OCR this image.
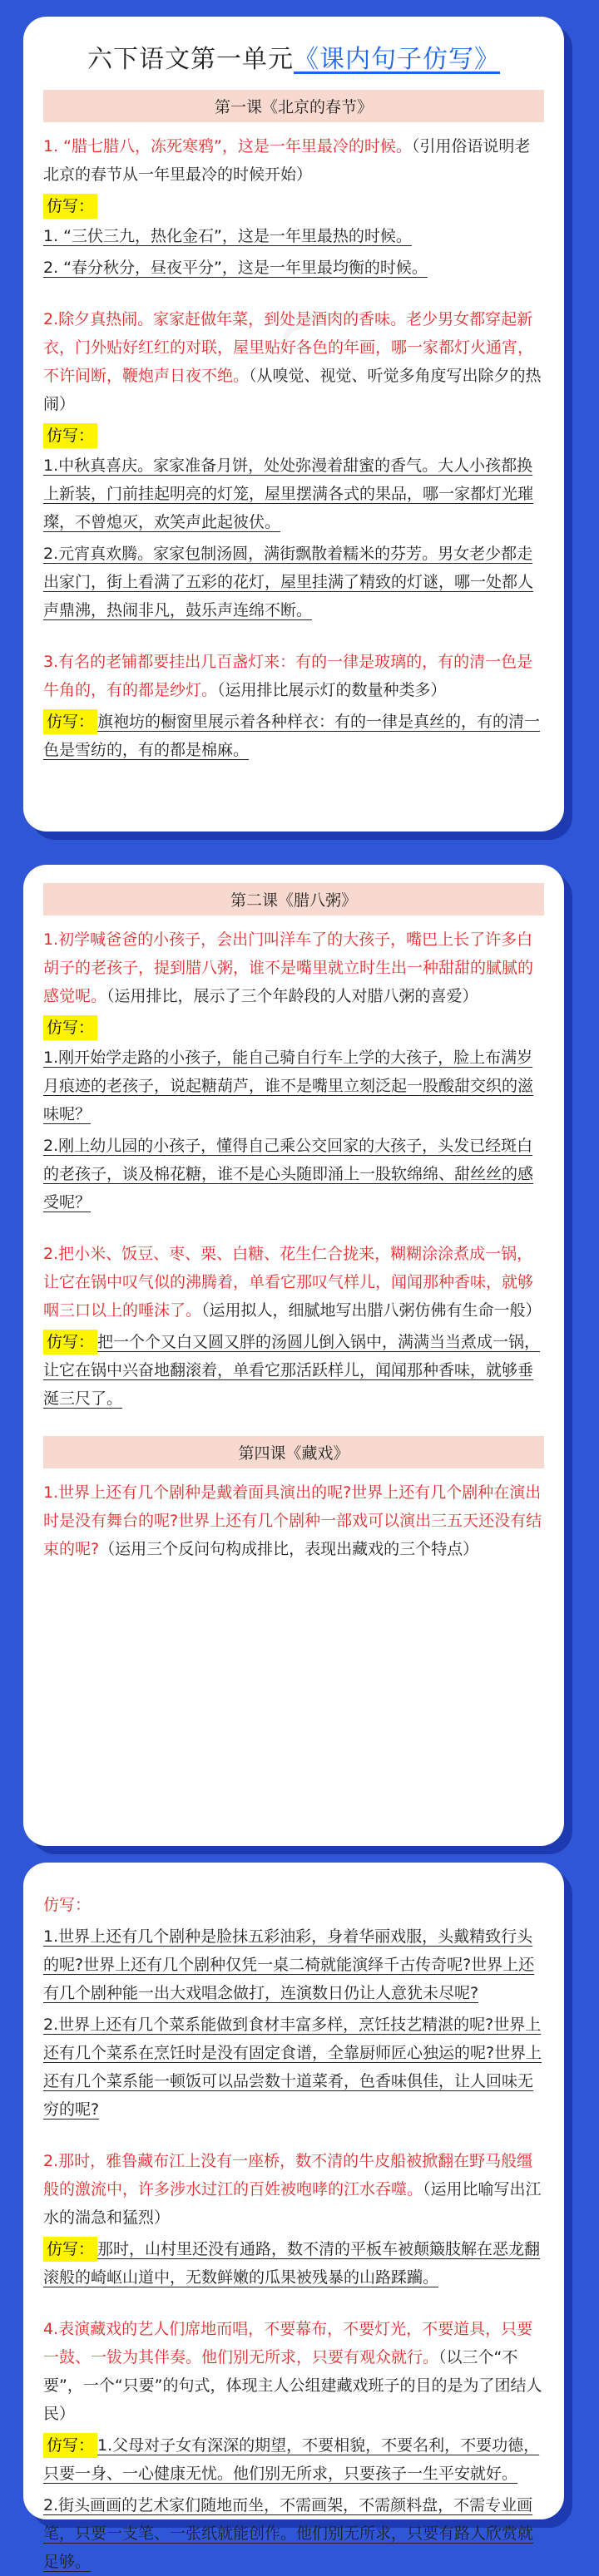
六下语文第一单元《课内句子仿写》
第一课《北京的春节》
1. “腊七腊八，冻死寒鸦”，这是一年里最冷的时候。（引用俗语说明老北京的春节从一年里最冷的时候开始）
仿写：
1. “三伏三九，热化金石”，这是一年里最热的时候。
2. “春分秋分，昼夜平分”，这是一年里最均衡的时候。
2.除夕真热闹。家家赶做年菜，到处是酒肉的香味。老少男女都穿起新衣，门外贴好红红的对联，屋里贴好各色的年画，哪一家都灯火通宵，不许间断，鞭炮声日夜不绝。（从嗅觉、视觉、听觉多角度写出除夕的热闹）
仿写：
1.中秋真喜庆。家家准备月饼，处处弥漫着甜蜜的香气。大人小孩都换上新装，门前挂起明亮的灯笼，屋里摆满各式的果品，哪一家都灯光璀璨，不曾熄灭，欢笑声此起彼伏。
2.元宵真欢腾。家家包制汤圆，满街飘散着糯米的芬芳。男女老少都走出家门，街上看满了五彩的花灯，屋里挂满了精致的灯谜，哪一处都人声鼎沸，热闹非凡，鼓乐声连绵不断。
3.有名的老铺都要挂出几百盏灯来：有的一律是玻璃的，有的清一色是牛角的，有的都是纱灯。（运用排比展示灯的数量种类多）
仿写： 旗袍坊的橱窗里展示着各种样衣：有的一律是真丝的，有的清一色是雪纺的，有的都是棉麻。
~
第二课《腊八粥》
1.初学喊爸爸的小孩子，会出门叫洋车了的大孩子，嘴巴上长了许多白胡子的老孩子，提到腊八粥，谁不是嘴里就立时生出一种甜甜的腻腻的感觉呢。（运用排比，展示了三个年龄段的人对腊八粥的喜爱）
仿写：
1.刚开始学走路的小孩子，能自己骑自行车上学的大孩子，脸上布满岁月痕迹的老孩子，说起糖葫芦，谁不是嘴里立刻泛起一股酸甜交织的滋味呢？
2.刚上幼儿园的小孩子，懂得自己乘公交回家的大孩子，头发已经斑白的老孩子，谈及棉花糖，谁不是心头随即涌上一股软绵绵、甜丝丝的感受呢？
2.把小米、饭豆、枣、栗、白糖、花生仁合拢来，糊糊涂涂煮成一锅，让它在锅中叹气似的沸腾着，单看它那叹气样儿，闻闻那种香味，就够咽三口以上的唾沫了。（运用拟人，细腻地写出腊八粥仿佛有生命一般）
仿写： 把一个个又白又圆又胖的汤圆儿倒入锅中，满满当当煮成一锅，让它在锅中兴奋地翻滚着，单看它那活跃样儿，闻闻那种香味，就够垂涎三尺了。
第四课《藏戏》
1.世界上还有几个剧种是戴着面具演出的呢?世界上还有几个剧种在演出时是没有舞台的呢?世界上还有几个剧种一部戏可以演出三五天还没有结束的呢?（运用三个反问句构成排比，表现出藏戏的三个特点）
仿写：
1.世界上还有几个剧种是脸抹五彩油彩，身着华丽戏服，头戴精致行头的呢?世界上还有几个剧种仅凭一桌二椅就能演绎千古传奇呢?世界上还有几个剧种能一出大戏唱念做打，连演数日仍让人意犹未尽呢?
2.世界上还有几个菜系能做到食材丰富多样，烹饪技艺精湛的呢?世界上还有几个菜系在烹饪时是没有固定食谱，全靠厨师匠心独运的呢?世界上还有几个菜系能一顿饭可以品尝数十道菜肴，色香味俱佳，让人回味无穷的呢?
2.那时，雅鲁藏布江上没有一座桥，数不清的牛皮船被掀翻在野马般缰般的激流中，许多涉水过江的百姓被咆哮的江水吞噬。（运用比喻写出江水的湍急和猛烈）
仿写： 那时，山村里还没有通路，数不清的平板车被颠簸肢解在恶龙翻滚般的崎岖山道中，无数鲜嫩的瓜果被残暴的山路蹂躏。
4.表演藏戏的艺人们席地而唱，不要幕布，不要灯光，不要道具，只要一鼓、一钹为其伴奏。他们别无所求，只要有观众就行。（以三个“不要”，一个“只要”的句式，体现主人公组建藏戏班子的目的是为了团结人民）
仿写： 1.父母对子女有深深的期望，不要相貌，不要名利，不要功德，只要一身、一心健康无忧。他们别无所求，只要孩子一生平安就好。
2.街头画画的艺术家们随地而坐，不需画架，不需颜料盘，不需专业画笔，只要一支笔、一张纸就能创作。他们别无所求，只要有路人欣赏就足够。
